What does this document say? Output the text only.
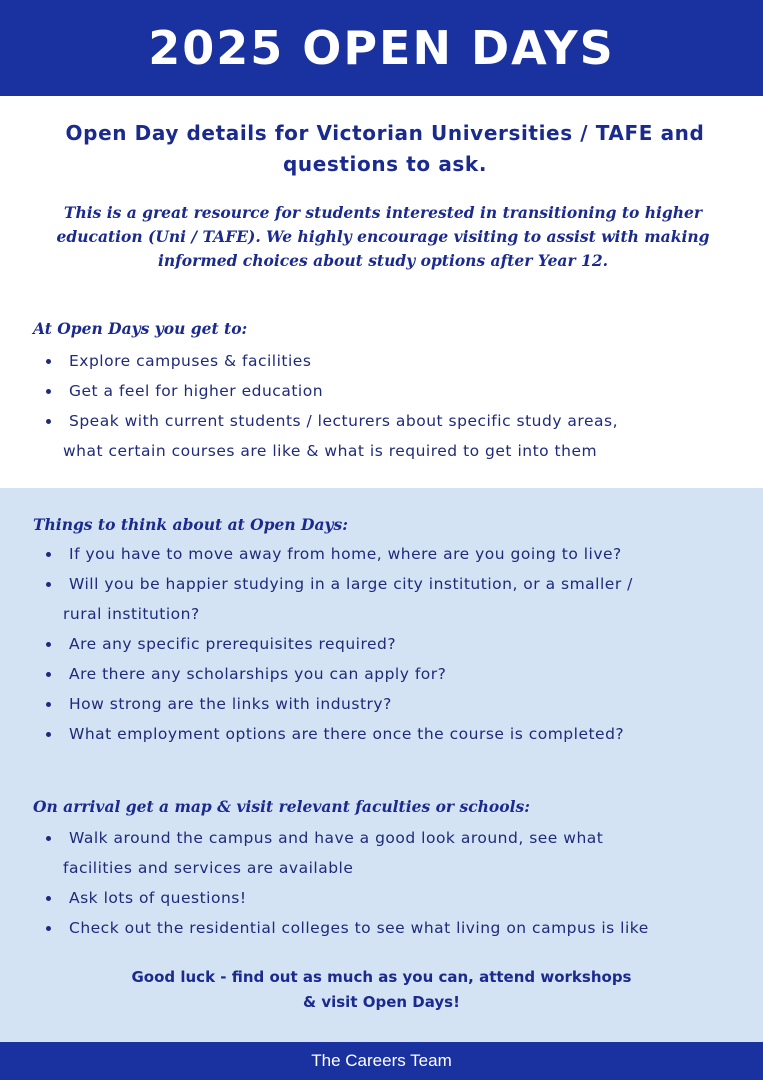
2025 OPEN DAYS
Open Day details for Victorian Universities / TAFE and questions to ask.
This is a great resource for students interested in transitioning to higher education (Uni / TAFE). We highly encourage visiting to assist with making informed choices about study options after Year 12.
At Open Days you get to:
Explore campuses & facilities
Get a feel for higher education
Speak with current students / lecturers about specific study areas,
what certain courses are like & what is required to get into them
Things to think about at Open Days:
If you have to move away from home, where are you going to live?
Will you be happier studying in a large city institution, or a smaller /
rural institution?
Are any specific prerequisites required?
Are there any scholarships you can apply for?
How strong are the links with industry?
What employment options are there once the course is completed?
On arrival get a map & visit relevant faculties or schools:
Walk around the campus and have a good look around, see what
facilities and services are available
Ask lots of questions!
Check out the residential colleges to see what living on campus is like
Good luck - find out as much as you can, attend workshops
& visit Open Days!
The Careers Team
